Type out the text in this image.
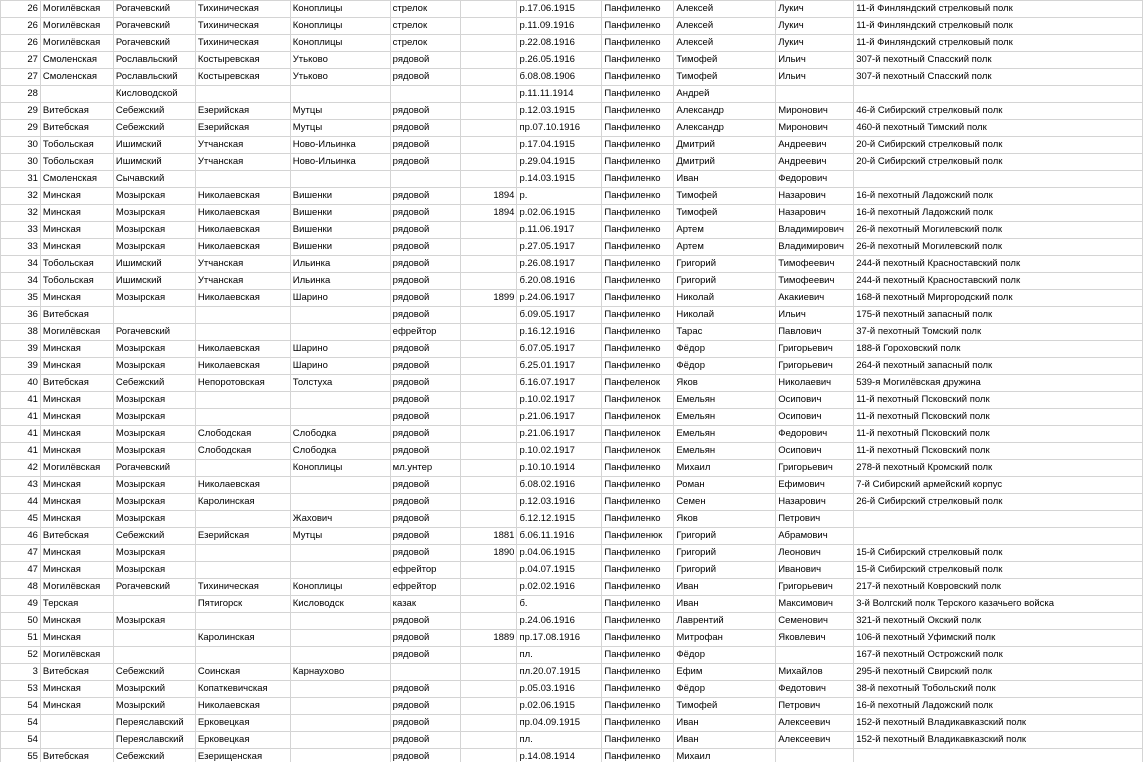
26	Могилёвская	Рогачевский	Тихиническая	Коноплицы	стрелок		р.17.06.1915	Панфиленко	Алексей	Лукич	11-й Финляндский стрелковый полк
26	Могилёвская	Рогачевский	Тихиническая	Коноплицы	стрелок		р.11.09.1916	Панфиленко	Алексей	Лукич	11-й Финляндский стрелковый полк
26	Могилёвская	Рогачевский	Тихиническая	Коноплицы	стрелок		р.22.08.1916	Панфиленко	Алексей	Лукич	11-й Финляндский стрелковый полк
27	Смоленская	Рославльский	Костыревская	Утьково	рядовой		р.26.05.1916	Панфиленко	Тимофей	Ильич	307-й пехотный Спасский полк
27	Смоленская	Рославльский	Костыревская	Утьково	рядовой		б.08.08.1906	Панфиленко	Тимофей	Ильич	307-й пехотный Спасский полк
28		Кисловодской					р.11.11.1914	Панфиленко	Андрей		
29	Витебская	Себежский	Езерийская	Мутцы	рядовой		р.12.03.1915	Панфиленко	Александр	Миронович	46-й Сибирский стрелковый полк
29	Витебская	Себежский	Езерийская	Мутцы	рядовой		пр.07.10.1916	Панфиленко	Александр	Миронович	460-й пехотный Тимский полк
30	Тобольская	Ишимский	Утчанская	Ново-Ильинка	рядовой		р.17.04.1915	Панфиленко	Дмитрий	Андреевич	20-й Сибирский стрелковый полк
30	Тобольская	Ишимский	Утчанская	Ново-Ильинка	рядовой		р.29.04.1915	Панфиленко	Дмитрий	Андреевич	20-й Сибирский стрелковый полк
31	Смоленская	Сычавский					р.14.03.1915	Панфиленко	Иван	Федорович	
32	Минская	Мозырская	Николаевская	Вишенки	рядовой	1894	р.	Панфиленко	Тимофей	Назарович	16-й пехотный Ладожский полк
32	Минская	Мозырская	Николаевская	Вишенки	рядовой	1894	р.02.06.1915	Панфиленко	Тимофей	Назарович	16-й пехотный Ладожский полк
33	Минская	Мозырская	Николаевская	Вишенки	рядовой		р.11.06.1917	Панфиленко	Артем	Владимирович	26-й пехотный Могилевский полк
33	Минская	Мозырская	Николаевская	Вишенки	рядовой		р.27.05.1917	Панфиленко	Артем	Владимирович	26-й пехотный Могилевский полк
34	Тобольская	Ишимский	Утчанская	Ильинка	рядовой		р.26.08.1917	Панфиленко	Григорий	Тимофеевич	244-й пехотный Красноставский полк
34	Тобольская	Ишимский	Утчанская	Ильинка	рядовой		б.20.08.1916	Панфиленко	Григорий	Тимофеевич	244-й пехотный Красноставский полк
35	Минская	Мозырская	Николаевская	Шарино	рядовой	1899	р.24.06.1917	Панфиленко	Николай	Акакиевич	168-й пехотный Миргородский полк
36	Витебская				рядовой		б.09.05.1917	Панфиленко	Николай	Ильич	175-й пехотный запасный полк
38	Могилёвская	Рогачевский			ефрейтор		р.16.12.1916	Панфиленко	Тарас	Павлович	37-й пехотный Томский полк
39	Минская	Мозырская	Николаевская	Шарино	рядовой		б.07.05.1917	Панфиленко	Фёдор	Григорьевич	188-й Гороховский полк
39	Минская	Мозырская	Николаевская	Шарино	рядовой		б.25.01.1917	Панфиленко	Фёдор	Григорьевич	264-й пехотный запасный полк
40	Витебская	Себежский	Непоротовская	Толстуха	рядовой		б.16.07.1917	Панфеленок	Яков	Николаевич	539-я Могилёвская дружина
41	Минская	Мозырская			рядовой		р.10.02.1917	Панфиленок	Емельян	Осипович	11-й пехотный Псковский полк
41	Минская	Мозырская			рядовой		р.21.06.1917	Панфиленок	Емельян	Осипович	11-й пехотный Псковский полк
41	Минская	Мозырская	Слободская	Слободка	рядовой		р.21.06.1917	Панфиленок	Емельян	Федорович	11-й пехотный Псковский полк
41	Минская	Мозырская	Слободская	Слободка	рядовой		р.10.02.1917	Панфиленок	Емельян	Осипович	11-й пехотный Псковский полк
42	Могилёвская	Рогачевский		Коноплицы	мл.унтер		р.10.10.1914	Панфиленко	Михаил	Григорьевич	278-й пехотный Кромский полк
43	Минская	Мозырская	Николаевская		рядовой		б.08.02.1916	Панфиленко	Роман	Ефимович	7-й Сибирский армейский корпус
44	Минская	Мозырская	Каролинская		рядовой		р.12.03.1916	Панфиленко	Семен	Назарович	26-й Сибирский стрелковый полк
45	Минская	Мозырская		Жахович	рядовой		б.12.12.1915	Панфиленко	Яков	Петрович	
46	Витебская	Себежский	Езерийская	Мутцы	рядовой	1881	б.06.11.1916	Панфиленюк	Григорий	Абрамович	
47	Минская	Мозырская			рядовой	1890	р.04.06.1915	Панфиленко	Григорий	Леонович	15-й Сибирский стрелковый полк
47	Минская	Мозырская			ефрейтор		р.04.07.1915	Панфиленко	Григорий	Иванович	15-й Сибирский стрелковый полк
48	Могилёвская	Рогачевский	Тихиническая	Коноплицы	ефрейтор		р.02.02.1916	Панфиленко	Иван	Григорьевич	217-й пехотный Ковровский полк
49	Терская		Пятигорск	Кисловодск	казак		б.	Панфиленко	Иван	Максимович	3-й Волгский полк Терского казачьего войска
50	Минская	Мозырская			рядовой		р.24.06.1916	Панфиленко	Лаврентий	Семенович	321-й пехотный Окский полк
51	Минская		Каролинская		рядовой	1889	пр.17.08.1916	Панфиленко	Митрофан	Яковлевич	106-й пехотный Уфимский полк
52	Могилёвская				рядовой		пл.	Панфиленко	Фёдор		167-й пехотный Острожский полк
3	Витебская	Себежский	Соинская	Карнауховo			пл.20.07.1915	Панфиленко	Ефим	Михайлов	295-й пехотный Свирский полк
53	Минская	Мозырский	Копаткевичская		рядовой		р.05.03.1916	Панфиленко	Фёдор	Федотович	38-й пехотный Тобольский полк
54	Минская	Мозырский	Николаевская		рядовой		р.02.06.1915	Панфиленко	Тимофей	Петрович	16-й пехотный Ладожский полк
54		Переяславский	Ерковецкая		рядовой		пр.04.09.1915	Панфиленко	Иван	Алексеевич	152-й пехотный Владикавказский полк
54		Переяславский	Ерковецкая		рядовой		пл.	Панфиленко	Иван	Алексеевич	152-й пехотный Владикавказский полк
55	Витебская	Себежский	Езерищенская		рядовой		р.14.08.1914	Панфиленко	Михаил		
